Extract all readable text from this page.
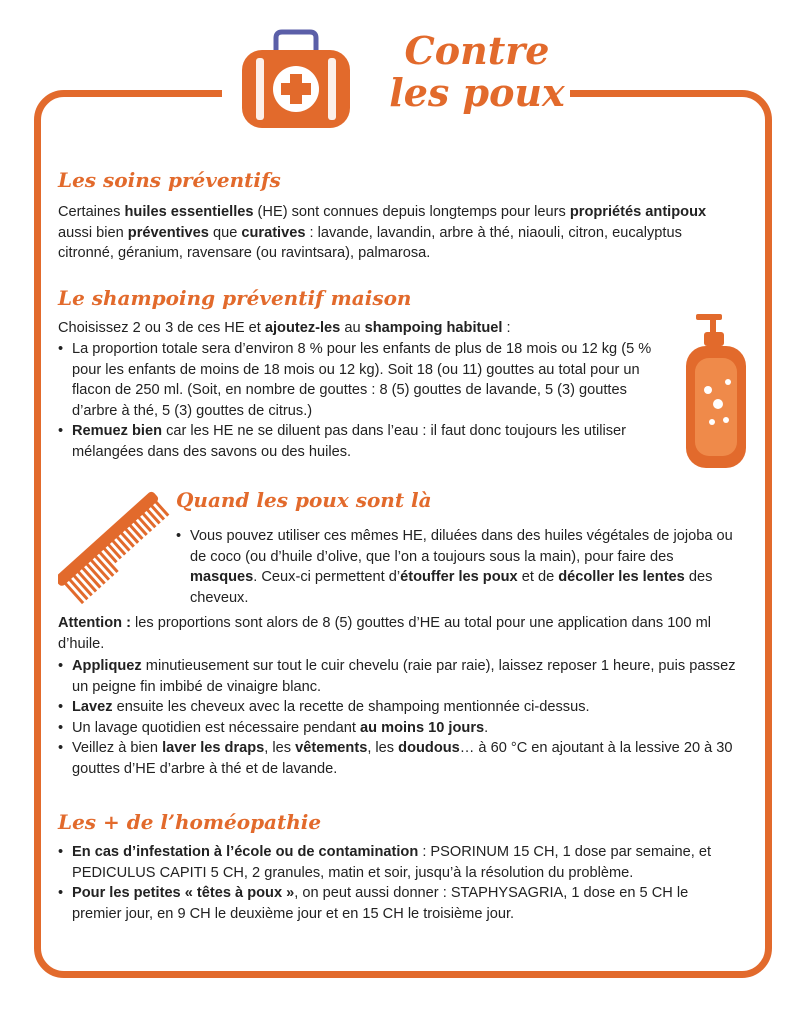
Contre
les poux
Les soins préventifs

Certaines huiles essentielles (HE) sont connues depuis longtemps pour leurs propriétés antipoux aussi bien préventives que curatives : lavande, lavandin, arbre à thé, niaouli, citron, eucalyptus citronné, géranium, ravensare (ou ravintsara), palmarosa.

Le shampoing préventif maison

Choisissez 2 ou 3 de ces HE et ajoutez-les au shampoing habituel :

• La proportion totale sera d’environ 8 % pour les enfants de plus de 18 mois ou 12 kg (5 % pour les enfants de moins de 18 mois ou 12 kg). Soit 18 (ou 11) gouttes au total pour un flacon de 250 ml. (Soit, en nombre de gouttes : 8 (5) gouttes de lavande, 5 (3) gouttes d’arbre à thé, 5 (3) gouttes de citrus.)
• Remuez bien car les HE ne se diluent pas dans l’eau : il faut donc toujours les utiliser mélangées dans des savons ou des huiles.
Quand les poux sont là
• Vous pouvez utiliser ces mêmes HE, diluées dans des huiles végétales de jojoba ou de coco (ou d’huile d’olive, que l’on a toujours sous la main), pour faire des masques. Ceux-ci permettent d’étouffer les poux et de décoller les lentes des cheveux.

Attention : les proportions sont alors de 8 (5) gouttes d’HE au total pour une application dans 100 ml d’huile.

• Appliquez minutieusement sur tout le cuir chevelu (raie par raie), laissez reposer 1 heure, puis passez un peigne fin imbibé de vinaigre blanc.
• Lavez ensuite les cheveux avec la recette de shampoing mentionnée ci-dessus.
• Un lavage quotidien est nécessaire pendant au moins 10 jours.
• Veillez à bien laver les draps, les vêtements, les doudous… à 60 °C en ajoutant à la lessive 20 à 30 gouttes d’HE d’arbre à thé et de lavande.
Les + de l’homéopathie
• En cas d’infestation à l’école ou de contamination : PSORINUM 15 CH, 1 dose par semaine, et PEDICULUS CAPITI 5 CH, 2 granules, matin et soir, jusqu’à la résolution du problème.
• Pour les petites « têtes à poux », on peut aussi donner : STAPHYSAGRIA, 1 dose en 5 CH le premier jour, en 9 CH le deuxième jour et en 15 CH le troisième jour.
